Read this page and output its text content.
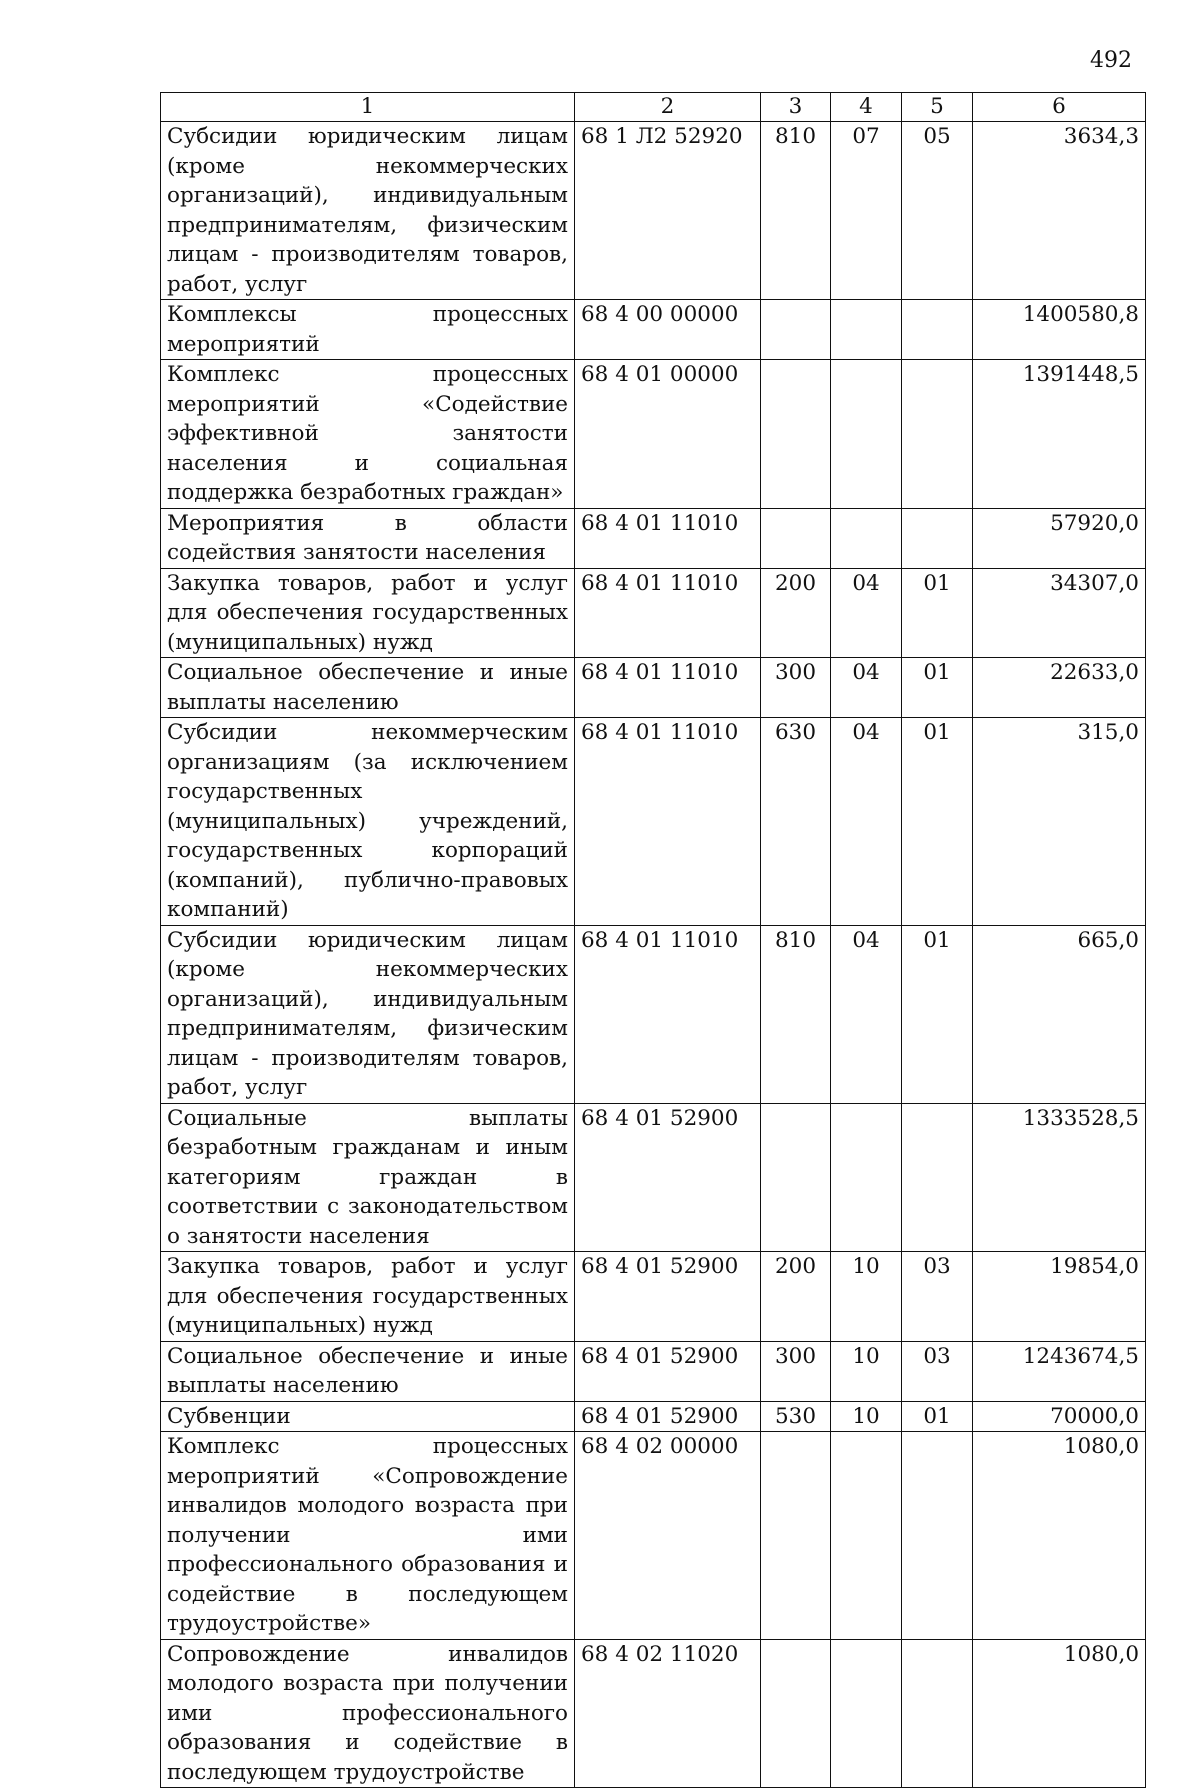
492
1	2	3	4	5	6
Субсидии юридическим лицам (кроме некоммерческих организаций), индивидуальным предпринимателям, физическим лицам - производителям товаров, работ, услуг	68 1 Л2 52920	810	07	05	3634,3
Комплексы процессных мероприятий	68 4 00 00000				1400580,8
Комплекс процессных мероприятий «Содействие эффективной занятости населения и социальная поддержка безработных граждан»	68 4 01 00000				1391448,5
Мероприятия в области содействия занятости населения	68 4 01 11010				57920,0
Закупка товаров, работ и услуг для обеспечения государственных (муниципальных) нужд	68 4 01 11010	200	04	01	34307,0
Социальное обеспечение и иные выплаты населению	68 4 01 11010	300	04	01	22633,0
Субсидии некоммерческим организациям (за исключением государственных (муниципальных) учреждений, государственных корпораций (компаний), публично-правовых компаний)	68 4 01 11010	630	04	01	315,0
Субсидии юридическим лицам (кроме некоммерческих организаций), индивидуальным предпринимателям, физическим лицам - производителям товаров, работ, услуг	68 4 01 11010	810	04	01	665,0
Социальные выплаты безработным гражданам и иным категориям граждан в соответствии с законодательством о занятости населения	68 4 01 52900				1333528,5
Закупка товаров, работ и услуг для обеспечения государственных (муниципальных) нужд	68 4 01 52900	200	10	03	19854,0
Социальное обеспечение и иные выплаты населению	68 4 01 52900	300	10	03	1243674,5
Субвенции	68 4 01 52900	530	10	01	70000,0
Комплекс процессных мероприятий «Сопровождение инвалидов молодого возраста при получении ими профессионального образования и содействие в последующем трудоустройстве»	68 4 02 00000				1080,0
Сопровождение инвалидов молодого возраста при получении ими профессионального образования и содействие в последующем трудоустройстве	68 4 02 11020				1080,0
